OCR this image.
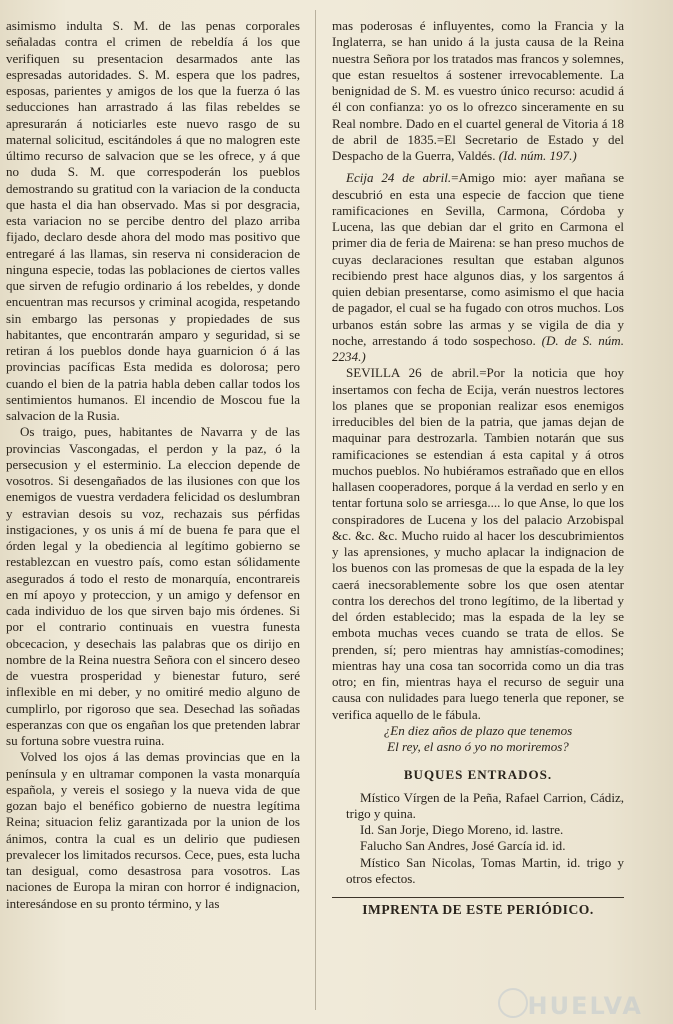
asimismo indulta S. M. de las penas corporales señaladas contra el crimen de rebeldía á los que verifiquen su presentacion desarmados ante las espresadas autoridades. S. M. espera que los padres, esposas, parientes y amigos de los que la fuerza ó las seducciones han arrastrado á las filas rebeldes se apresurarán á noticiarles este nuevo rasgo de su maternal solicitud, escitándoles á que no malogren este último recurso de salvacion que se les ofrece, y á que no duda S. M. que correspoderán los pueblos demostrando su gratitud con la variacion de la conducta que hasta el dia han observado. Mas si por desgracia, esta variacion no se percibe dentro del plazo arriba fijado, declaro desde ahora del modo mas positivo que entregaré á las llamas, sin reserva ni consideracion de ninguna especie, todas las poblaciones de ciertos valles que sirven de refugio ordinario á los rebeldes, y donde encuentran mas recursos y criminal acogida, respetando sin embargo las personas y propiedades de sus habitantes, que encontrarán amparo y seguridad, si se retiran á los pueblos donde haya guarnicion ó á las provincias pacíficas Esta medida es dolorosa; pero cuando el bien de la patria habla deben callar todos los sentimientos humanos. El incendio de Moscou fue la salvacion de la Rusia.

Os traigo, pues, habitantes de Navarra y de las provincias Vascongadas, el perdon y la paz, ó la persecusion y el esterminio. La eleccion depende de vosotros. Si desengañados de las ilusiones con que los enemigos de vuestra verdadera felicidad os deslumbran y estravian desois su voz, rechazais sus pérfidas instigaciones, y os unis á mí de buena fe para que el órden legal y la obediencia al legítimo gobierno se restablezcan en vuestro país, como estan sólidamente asegurados á todo el resto de monarquía, encontrareis en mí apoyo y proteccion, y un amigo y defensor en cada individuo de los que sirven bajo mis órdenes. Si por el contrario continuais en vuestra funesta obcecacion, y desechais las palabras que os dirijo en nombre de la Reina nuestra Señora con el sincero deseo de vuestra prosperidad y bienestar futuro, seré inflexible en mi deber, y no omitiré medio alguno de cumplirlo, por rigoroso que sea. Desechad las soñadas esperanzas con que os engañan los que pretenden labrar su fortuna sobre vuestra ruina.

Volved los ojos á las demas provincias que en la península y en ultramar componen la vasta monarquía española, y vereis el sosiego y la nueva vida de que gozan bajo el benéfico gobierno de nuestra legítima Reina; situacion feliz garantizada por la union de los ánimos, contra la cual es un delirio que pudiesen prevalecer los limitados recursos. Cece, pues, esta lucha tan desigual, como desastrosa para vosotros. Las naciones de Europa la miran con horror é indignacion, interesándose en su pronto término, y las

mas poderosas é influyentes, como la Francia y la Inglaterra, se han unido á la justa causa de la Reina nuestra Señora por los tratados mas francos y solemnes, que estan resueltos á sostener irrevocablemente. La benignidad de S. M. es vuestro único recurso: acudid á él con confianza: yo os lo ofrezco sinceramente en su Real nombre. Dado en el cuartel general de Vitoria á 18 de abril de 1835.=El Secretario de Estado y del Despacho de la Guerra, Valdés. (Id. núm. 197.)

Ecija 24 de abril.=Amigo mio: ayer mañana se descubrió en esta una especie de faccion que tiene ramificaciones en Sevilla, Carmona, Córdoba y Lucena, las que debian dar el grito en Carmona el primer dia de feria de Mairena: se han preso muchos de cuyas declaraciones resultan que estaban algunos recibiendo prest hace algunos dias, y los sargentos á quien debian presentarse, como asimismo el que hacia de pagador, el cual se ha fugado con otros muchos. Los urbanos están sobre las armas y se vigila de dia y noche, arrestando á todo sospechoso. (D. de S. núm. 2234.)

SEVILLA 26 de abril.=Por la noticia que hoy insertamos con fecha de Ecija, verán nuestros lectores los planes que se proponian realizar esos enemigos irreducibles del bien de la patria, que jamas dejan de maquinar para destrozarla. Tambien notarán que sus ramificaciones se estendian á esta capital y á otros muchos pueblos. No hubiéramos estrañado que en ellos hallasen cooperadores, porque á la verdad en serlo y en tentar fortuna solo se arriesga.... lo que Anse, lo que los conspiradores de Lucena y los del palacio Arzobispal &c. &c. &c. Mucho ruido al hacer los descubrimientos y las aprensiones, y mucho aplacar la indignacion de los buenos con las promesas de que la espada de la ley caerá inecsorablemente sobre los que osen atentar contra los derechos del trono legítimo, de la libertad y del órden establecido; mas la espada de la ley se embota muchas veces cuando se trata de ellos. Se prenden, sí; pero mientras hay amnistías-comodines; mientras hay una cosa tan socorrida como un dia tras otro; en fin, mientras haya el recurso de seguir una causa con nulidades para luego tenerla que reponer, se verifica aquello de le fábula.

¿En diez años de plazo que tenemos

El rey, el asno ó yo no moriremos?

BUQUES ENTRADOS.

Místico Vírgen de la Peña, Rafael Carrion, Cádiz, trigo y quina.

Id. San Jorje, Diego Moreno, id. lastre.

Falucho San Andres, José García id. id.

Místico San Nicolas, Tomas Martin, id. trigo y otros efectos.

IMPRENTA DE ESTE PERIÓDICO.
HUELVA
